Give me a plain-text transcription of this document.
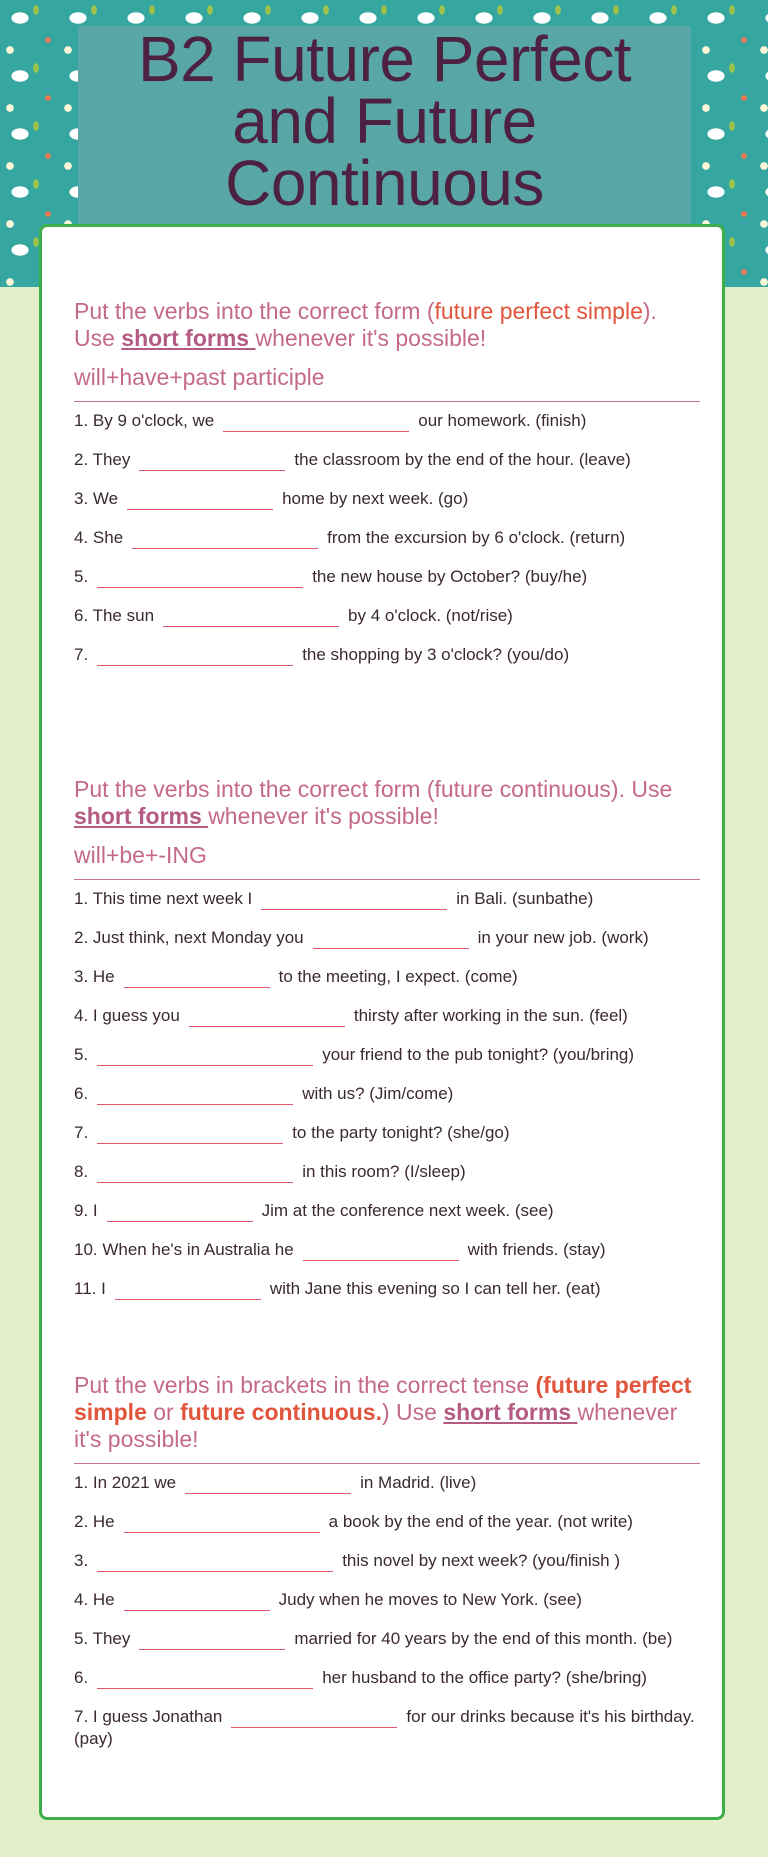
B2 Future Perfect and Future Continuous

Put the verbs into the correct form (future perfect simple). Use short forms whenever it's possible!

will+have+past participle
1. By 9 o'clock, we	our homework. (finish)
2. They	the classroom by the end of the hour. (leave)
3. We	home by next week. (go)
4. She	from the excursion by 6 o'clock. (return)
5.	the new house by October? (buy/he)
6. The sun	by 4 o'clock. (not/rise)
7.	the shopping by 3 o'clock? (you/do)

Put the verbs into the correct form (future continuous). Use short forms whenever it's possible!

will+be+-ING
1. This time next week I	in Bali. (sunbathe)
2. Just think, next Monday you	in your new job. (work)
3. He	to the meeting, I expect. (come)
4. I guess you	thirsty after working in the sun. (feel)
5.	your friend to the pub tonight? (you/bring)
6.	with us? (Jim/come)
7.	to the party tonight? (she/go)
8.	in this room? (I/sleep)
9. I	Jim at the conference next week. (see)
10. When he's in Australia he	with friends. (stay)
11. I	with Jane this evening so I can tell her. (eat)

Put the verbs in brackets in the correct tense (future perfect simple or future continuous.) Use short forms whenever it's possible!

1. In 2021 we	in Madrid. (live)
2. He	a book by the end of the year. (not write)
3.	this novel by next week? (you/finish )
4. He	Judy when he moves to New York. (see)
5. They	married for 40 years by the end of this month. (be)
6.	her husband to the office party? (she/bring)
7. I guess Jonathan	for our drinks because it's his birthday. (pay)
